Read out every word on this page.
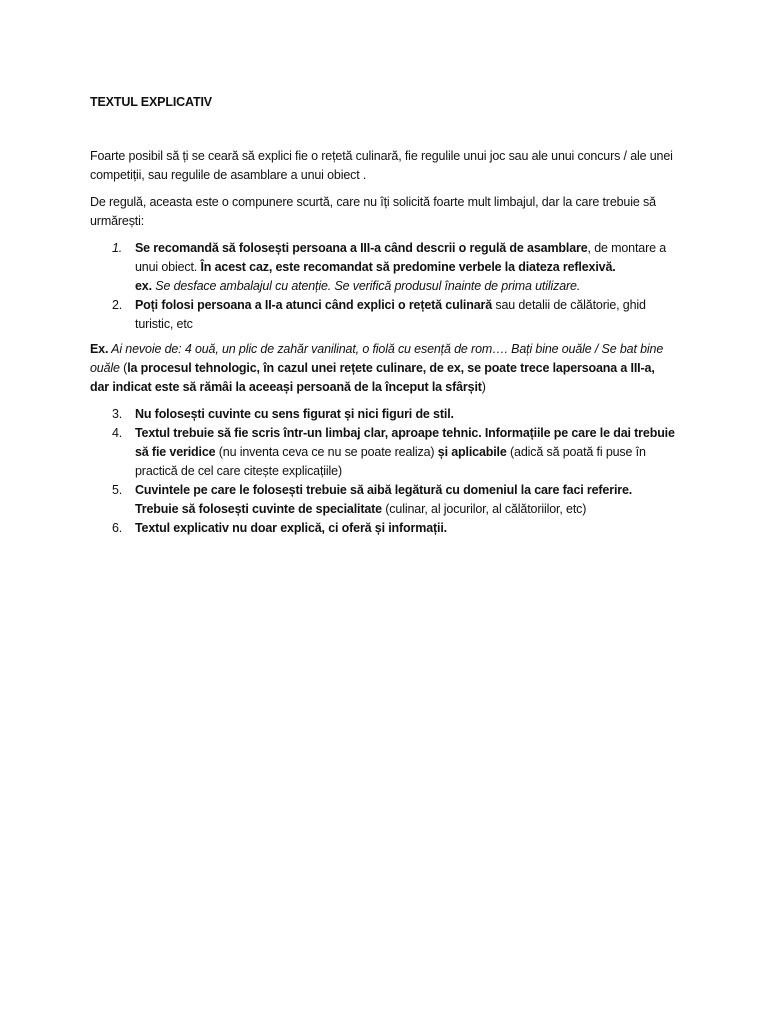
TEXTUL EXPLICATIV

Foarte posibil să ți se ceară să explici fie o rețetă culinară, fie regulile unui joc sau ale unui concurs / ale unei competiții, sau regulile de asamblare a unui obiect .

De regulă, aceasta este o compunere scurtă, care nu îți solicită foarte mult limbajul, dar la care trebuie să urmărești:

1. Se recomandă să folosești persoana a III-a când descrii o regulă de asamblare, de montare a unui obiect. În acest caz, este recomandat să predomine verbele la diateza reflexivă.
ex. Se desface ambalajul cu atenție. Se verifică produsul înainte de prima utilizare.
2. Poți folosi persoana a II-a atunci când explici o rețetă culinară sau detalii de călătorie, ghid turistic, etc

Ex. Ai nevoie de: 4 ouă, un plic de zahăr vanilinat, o fiolă cu esență de rom…. Bați bine ouăle / Se bat bine ouăle (la procesul tehnologic, în cazul unei rețete culinare, de ex, se poate trece lapersoana a III-a, dar indicat este să rămâi la aceeași persoană de la început la sfârșit)

3. Nu folosești cuvinte cu sens figurat și nici figuri de stil.
4. Textul trebuie să fie scris într-un limbaj clar, aproape tehnic. Informațiile pe care le dai trebuie să fie veridice (nu inventa ceva ce nu se poate realiza) și aplicabile (adică să poată fi puse în practică de cel care citește explicațiile)
5. Cuvintele pe care le folosești trebuie să aibă legătură cu domeniul la care faci referire. Trebuie să folosești cuvinte de specialitate (culinar, al jocurilor, al călătoriilor, etc)
6. Textul explicativ nu doar explică, ci oferă și informații.
